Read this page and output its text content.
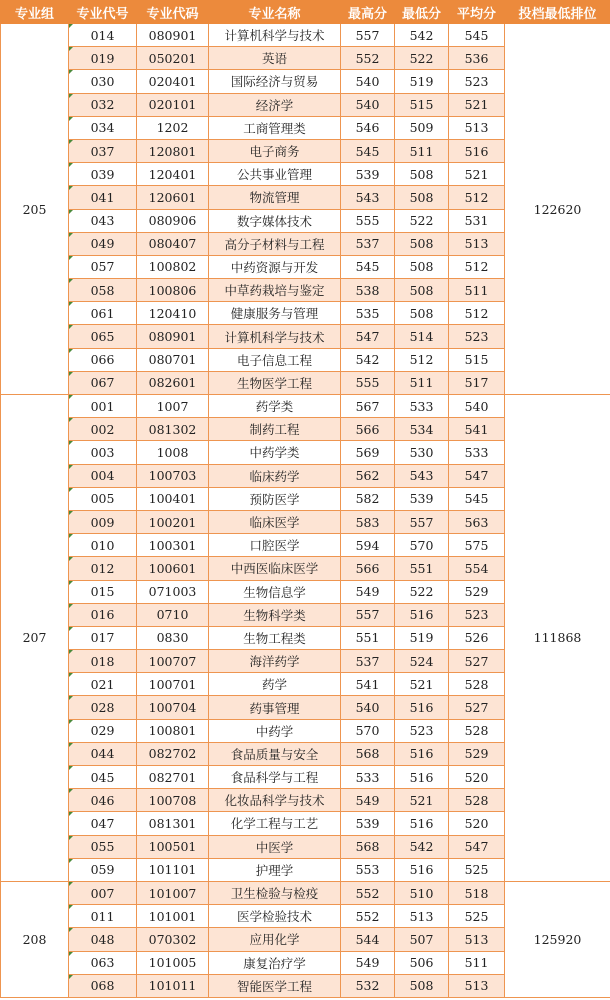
专业组	专业代号	专业代码	专业名称	最高分	最低分	平均分	投档最低排位
205	014	080901	计算机科学与技术	557	542	545	122620
	019	050201	英语	552	522	536	
	030	020401	国际经济与贸易	540	519	523	
	032	020101	经济学	540	515	521	
	034	1202	工商管理类	546	509	513	
	037	120801	电子商务	545	511	516	
	039	120401	公共事业管理	539	508	521	
	041	120601	物流管理	543	508	512	
	043	080906	数字媒体技术	555	522	531	
	049	080407	高分子材料与工程	537	508	513	
	057	100802	中药资源与开发	545	508	512	
	058	100806	中草药栽培与鉴定	538	508	511	
	061	120410	健康服务与管理	535	508	512	
	065	080901	计算机科学与技术	547	514	523	
	066	080701	电子信息工程	542	512	515	
	067	082601	生物医学工程	555	511	517	
207	001	1007	药学类	567	533	540	111868
	002	081302	制药工程	566	534	541	
	003	1008	中药学类	569	530	533	
	004	100703	临床药学	562	543	547	
	005	100401	预防医学	582	539	545	
	009	100201	临床医学	583	557	563	
	010	100301	口腔医学	594	570	575	
	012	100601	中西医临床医学	566	551	554	
	015	071003	生物信息学	549	522	529	
	016	0710	生物科学类	557	516	523	
	017	0830	生物工程类	551	519	526	
	018	100707	海洋药学	537	524	527	
	021	100701	药学	541	521	528	
	028	100704	药事管理	540	516	527	
	029	100801	中药学	570	523	528	
	044	082702	食品质量与安全	568	516	529	
	045	082701	食品科学与工程	533	516	520	
	046	100708	化妆品科学与技术	549	521	528	
	047	081301	化学工程与工艺	539	516	520	
	055	100501	中医学	568	542	547	
	059	101101	护理学	553	516	525	
208	007	101007	卫生检验与检疫	552	510	518	125920
	011	101001	医学检验技术	552	513	525	
	048	070302	应用化学	544	507	513	
	063	101005	康复治疗学	549	506	511	
	068	101011	智能医学工程	532	508	513	
